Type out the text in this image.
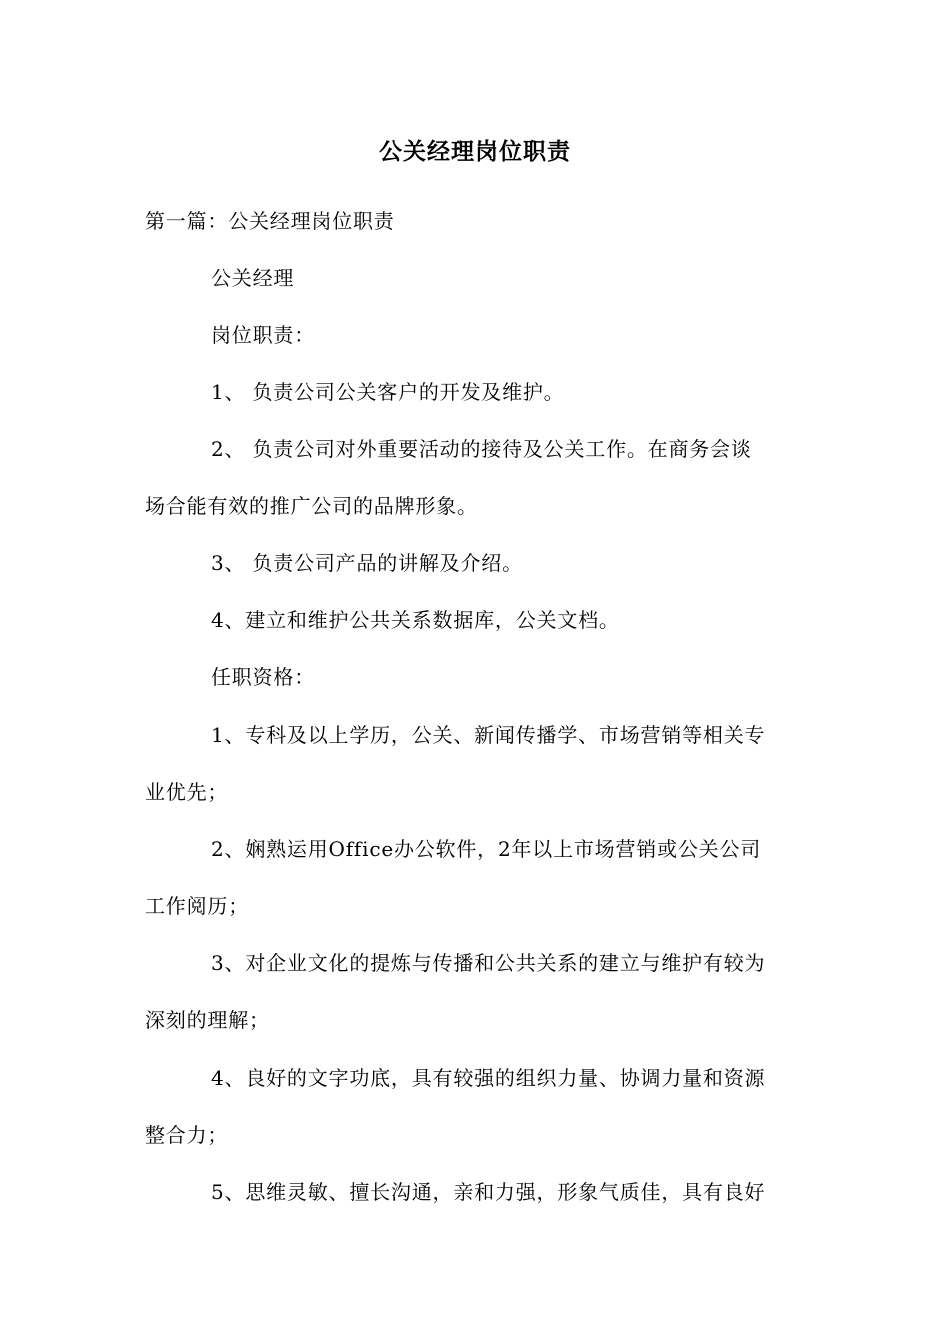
公关经理岗位职责
第一篇：公关经理岗位职责
公关经理
岗位职责：
1、 负责公司公关客户的开发及维护。
2、 负责公司对外重要活动的接待及公关工作。在商务会谈
场合能有效的推广公司的品牌形象。
3、 负责公司产品的讲解及介绍。
4、建立和维护公共关系数据库，公关文档。
任职资格：
1、专科及以上学历，公关、新闻传播学、市场营销等相关专
业优先；
2、娴熟运用Office办公软件，2年以上市场营销或公关公司
工作阅历；
3、对企业文化的提炼与传播和公共关系的建立与维护有较为
深刻的理解；
4、良好的文字功底，具有较强的组织力量、协调力量和资源
整合力；
5、思维灵敏、擅长沟通，亲和力强，形象气质佳，具有良好
